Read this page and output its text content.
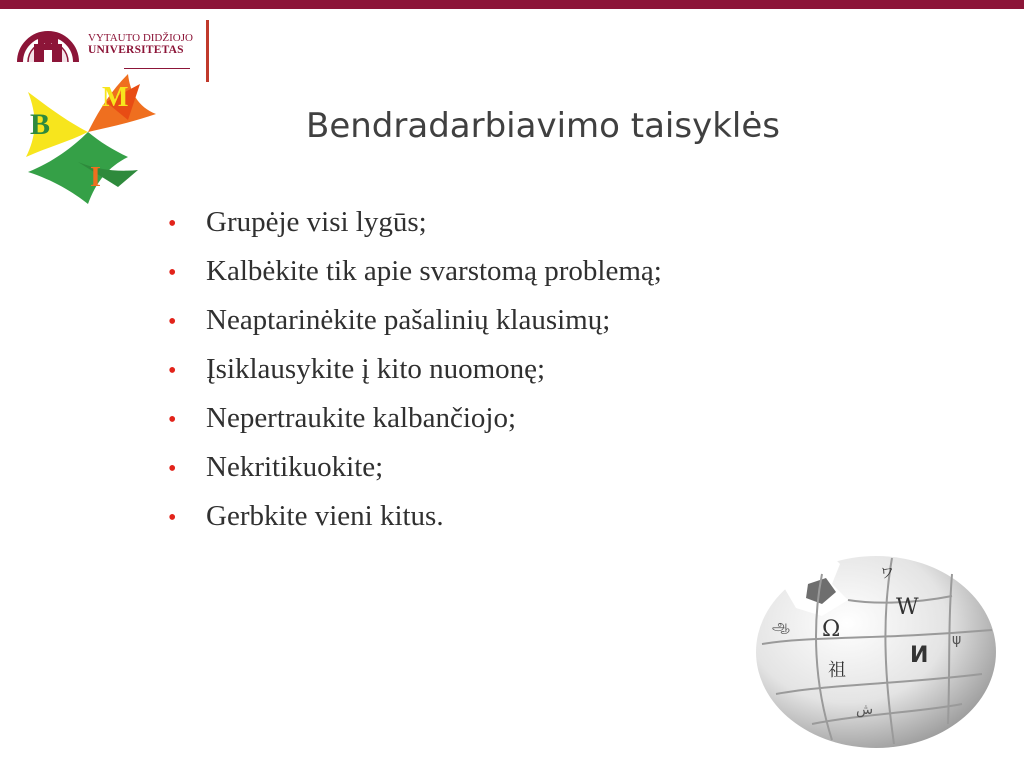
VYTAUTO DIDŽIOJO
UNIVERSITETAS
B
M
I
Bendradarbiavimo taisyklės
•	Grupėje visi lygūs;
•	Kalbėkite tik apie svarstomą problemą;
•	Neaptarinėkite pašalinių klausimų;
•	Įsiklausykite į kito nuomonę;
•	Nepertraukite kalbančiojo;
•	Nekritikuokite;
•	Gerbkite vieni kitus.
W
Ω
И
祖
ワ
ஆ
ψ
ش
